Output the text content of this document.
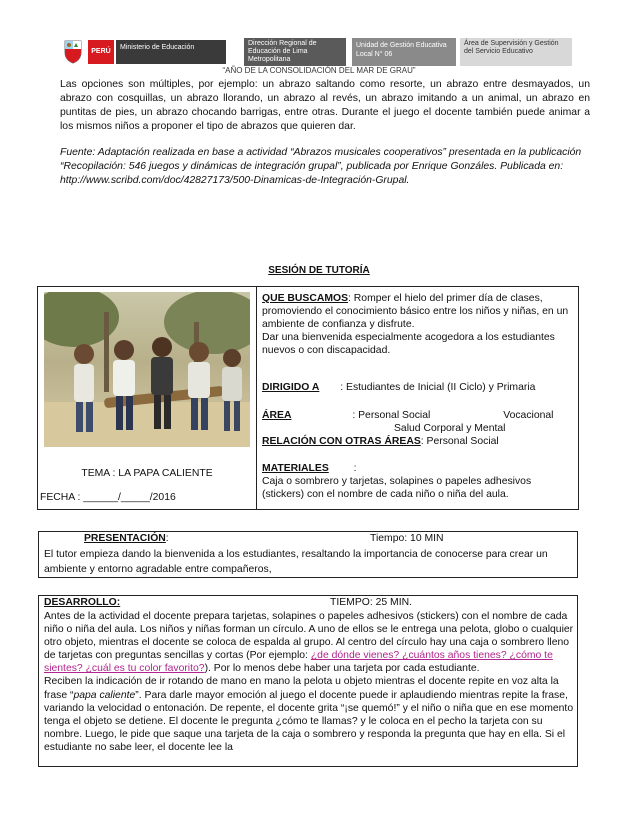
PERÚ
Ministerio de Educación
Dirección Regional de Educación de Lima Metropolitana
Unidad de Gestión Educativa Local N° 06
Área de Supervisión y Gestión del Servicio Educativo
“AÑO DE LA CONSOLIDACIÓN DEL MAR DE GRAU”
Las opciones son múltiples, por ejemplo: un abrazo saltando como resorte, un abrazo entre desmayados, un abrazo con cosquillas, un abrazo llorando, un abrazo al revés, un abrazo imitando a un animal, un abrazo en puntitas de pies, un abrazo chocando barrigas, entre otras. Durante el juego el docente también puede animar a los mismos niños a proponer el tipo de abrazos que quieren dar.
Fuente: Adaptación realizada en base a actividad “Abrazos musicales cooperativos” presentada en la publicación “Recopilación: 546 juegos y dinámicas de integración grupal”, publicada por Enrique Gonzáles. Publicada en: http://www.scribd.com/doc/42827173/500-Dinamicas-de-Integración-Grupal.
SESIÓN DE TUTORÍA
TEMA : LA PAPA CALIENTE
FECHA : ______/_____/2016
QUE BUSCAMOS: Romper el hielo del primer día de clases, promoviendo el conocimiento básico entre los niños y niñas, en un ambiente de confianza y disfrute.
Dar una bienvenida especialmente acogedora a los estudiantes
nuevos o con discapacidad.
DIRIGIDO A : Estudiantes de Inicial (II Ciclo) y Primaria
ÁREA	: Personal Social	Vocacional
Salud Corporal y Mental
RELACIÓN CON OTRAS ÁREAS: Personal Social
MATERIALES :
Caja o sombrero y tarjetas, solapines o papeles adhesivos (stickers) con el nombre de cada niño o niña del aula.
PRESENTACIÓN:	Tiempo: 10 MIN
El tutor empieza dando la bienvenida a los estudiantes, resaltando la importancia de conocerse para crear un ambiente y entorno agradable entre compañeros,
DESARROLLO:	TIEMPO: 25 MIN.
Antes de la actividad el docente prepara tarjetas, solapines o papeles adhesivos (stickers) con el nombre de cada niño o niña del aula. Los niños y niñas forman un círculo. A uno de ellos se le entrega una pelota, globo o cualquier otro objeto, mientras el docente se coloca de espalda al grupo. Al centro del círculo hay una caja o sombrero lleno de tarjetas con preguntas sencillas y cortas (Por ejemplo: ¿de dónde vienes? ¿cuántos años tienes? ¿cómo te sientes? ¿cuál es tu color favorito?). Por lo menos debe haber una tarjeta por cada estudiante.
Reciben la indicación de ir rotando de mano en mano la pelota u objeto mientras el docente repite en voz alta la frase “papa caliente”. Para darle mayor emoción al juego el docente puede ir aplaudiendo mientras repite la frase, variando la velocidad o entonación. De repente, el docente grita “¡se quemó!” y el niño o niña que en ese momento tenga el objeto se detiene. El docente le pregunta ¿cómo te llamas? y le coloca en el pecho la tarjeta con su nombre. Luego, le pide que saque una tarjeta de la caja o sombrero y responda la pregunta que hay en ella. Si el estudiante no sabe leer, el docente lee la
